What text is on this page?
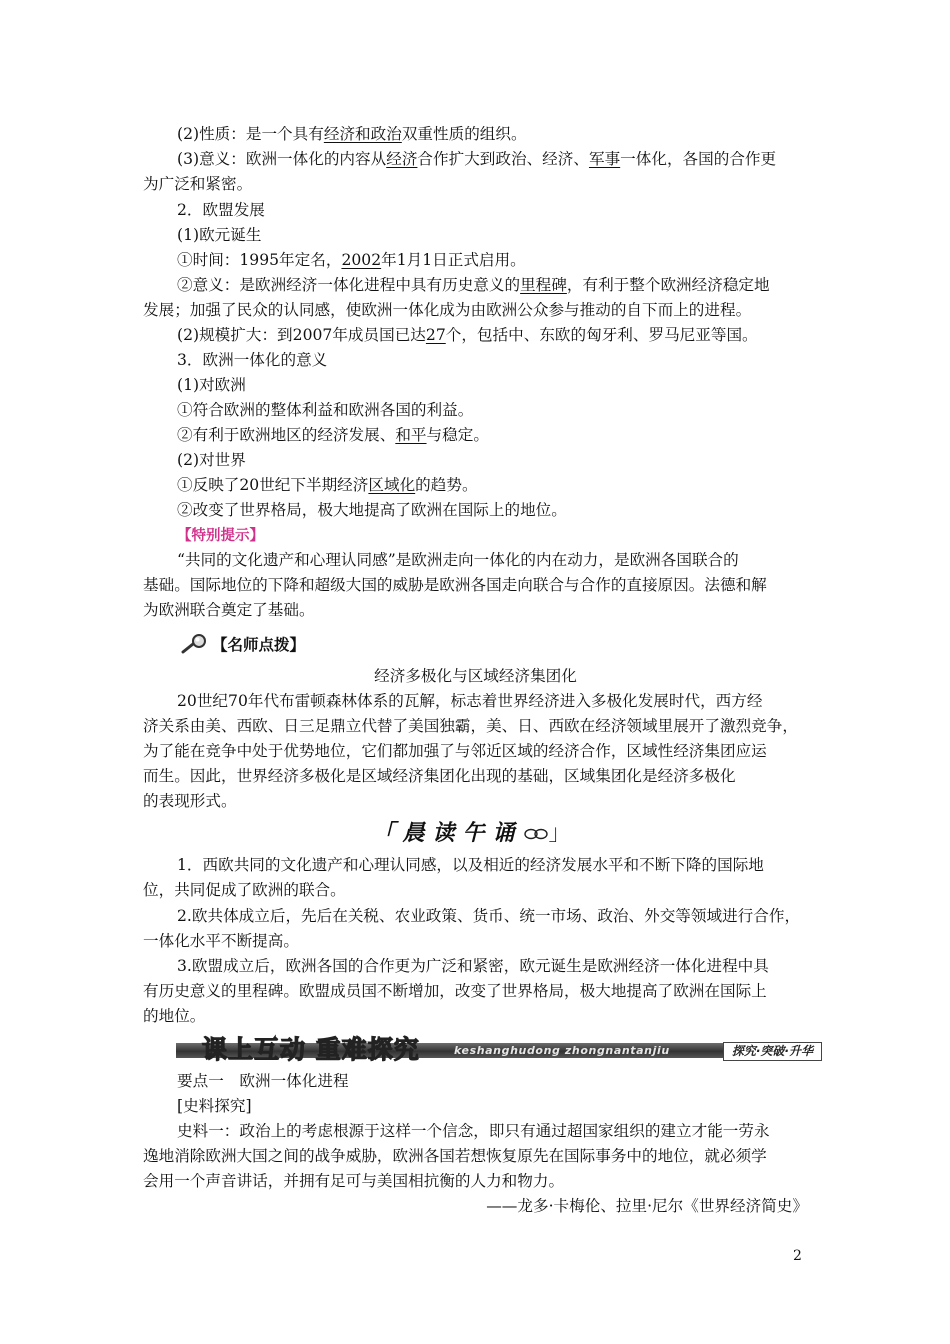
(2)性质：是一个具有经济和政治双重性质的组织。
(3)意义：欧洲一体化的内容从经济合作扩大到政治、经济、军事一体化，各国的合作更
为广泛和紧密。
2．欧盟发展
(1)欧元诞生
①时间：1995年定名，2002年1月1日正式启用。
②意义：是欧洲经济一体化进程中具有历史意义的里程碑，有利于整个欧洲经济稳定地
发展；加强了民众的认同感，使欧洲一体化成为由欧洲公众参与推动的自下而上的进程。
(2)规模扩大：到2007年成员国已达27个，包括中、东欧的匈牙利、罗马尼亚等国。
3．欧洲一体化的意义
(1)对欧洲
①符合欧洲的整体利益和欧洲各国的利益。
②有利于欧洲地区的经济发展、和平与稳定。
(2)对世界
①反映了20世纪下半期经济区域化的趋势。
②改变了世界格局，极大地提高了欧洲在国际上的地位。
【特别提示】
“共同的文化遗产和心理认同感”是欧洲走向一体化的内在动力，是欧洲各国联合的
基础。国际地位的下降和超级大国的威胁是欧洲各国走向联合与合作的直接原因。法德和解
为欧洲联合奠定了基础。
经济多极化与区域经济集团化
20世纪70年代布雷顿森林体系的瓦解，标志着世界经济进入多极化发展时代，西方经
济关系由美、西欧、日三足鼎立代替了美国独霸，美、日、西欧在经济领域里展开了激烈竞争，
为了能在竞争中处于优势地位，它们都加强了与邻近区域的经济合作，区域性经济集团应运
而生。因此，世界经济多极化是区域经济集团化出现的基础，区域集团化是经济多极化
的表现形式。
1．西欧共同的文化遗产和心理认同感，以及相近的经济发展水平和不断下降的国际地
位，共同促成了欧洲的联合。
2.欧共体成立后，先后在关税、农业政策、货币、统一市场、政治、外交等领域进行合作，
一体化水平不断提高。
3.欧盟成立后，欧洲各国的合作更为广泛和紧密，欧元诞生是欧洲经济一体化进程中具
有历史意义的里程碑。欧盟成员国不断增加，改变了世界格局，极大地提高了欧洲在国际上
的地位。
要点一　欧洲一体化进程
[史料探究]
史料一：政治上的考虑根源于这样一个信念，即只有通过超国家组织的建立才能一劳永
逸地消除欧洲大国之间的战争威胁，欧洲各国若想恢复原先在国际事务中的地位，就必须学
会用一个声音讲话，并拥有足可与美国相抗衡的人力和物力。
——龙多·卡梅伦、拉里·尼尔《世界经济简史》
【名师点拨】
「晨读午诵 」
课上互动 重难探究	keshanghudong zhongnantanjiu	探究·突破·升华
2
